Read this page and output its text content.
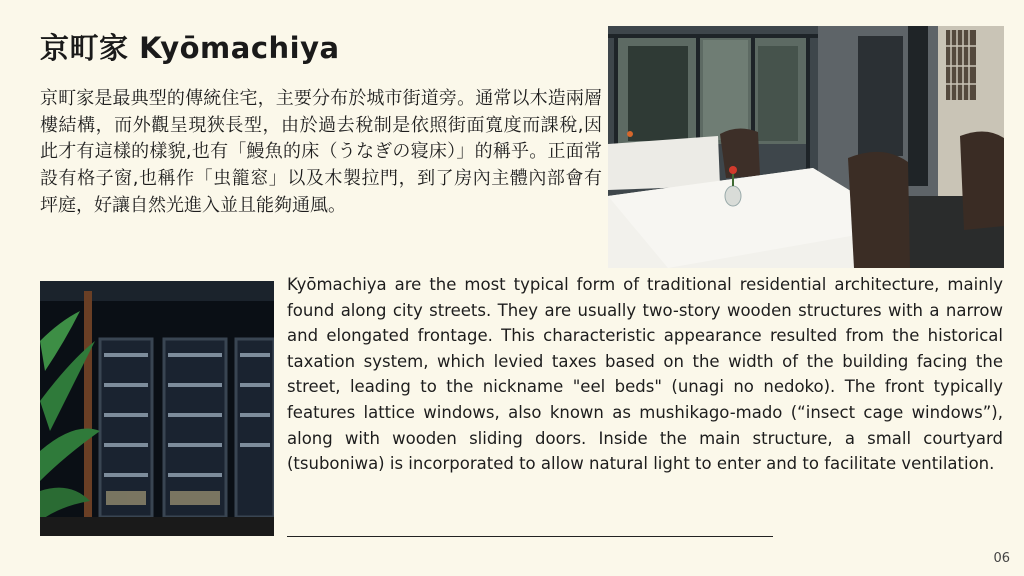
京町家 Kyōmachiya
京町家是最典型的傳統住宅，主要分布於城市街道旁。通常以木造兩層樓結構，而外觀呈現狹長型，由於過去稅制是依照街面寬度而課稅,因此才有這樣的樣貌,也有「鰻魚的床（うなぎの寝床）」的稱乎。正面常設有格子窗,也稱作「虫籠窓」以及木製拉門，到了房內主體內部會有坪庭，好讓自然光進入並且能夠通風。
Kyōmachiya are the most typical form of traditional residential architecture, mainly found along city streets. They are usually two-story wooden structures with a narrow and elongated frontage. This characteristic appearance resulted from the historical taxation system, which levied taxes based on the width of the building facing the street, leading to the nickname "eel beds" (unagi no nedoko). The front typically features lattice windows, also known as mushikago-mado (“insect cage windows”), along with wooden sliding doors. Inside the main structure, a small courtyard (tsuboniwa) is incorporated to allow natural light to enter and to facilitate ventilation.
06
